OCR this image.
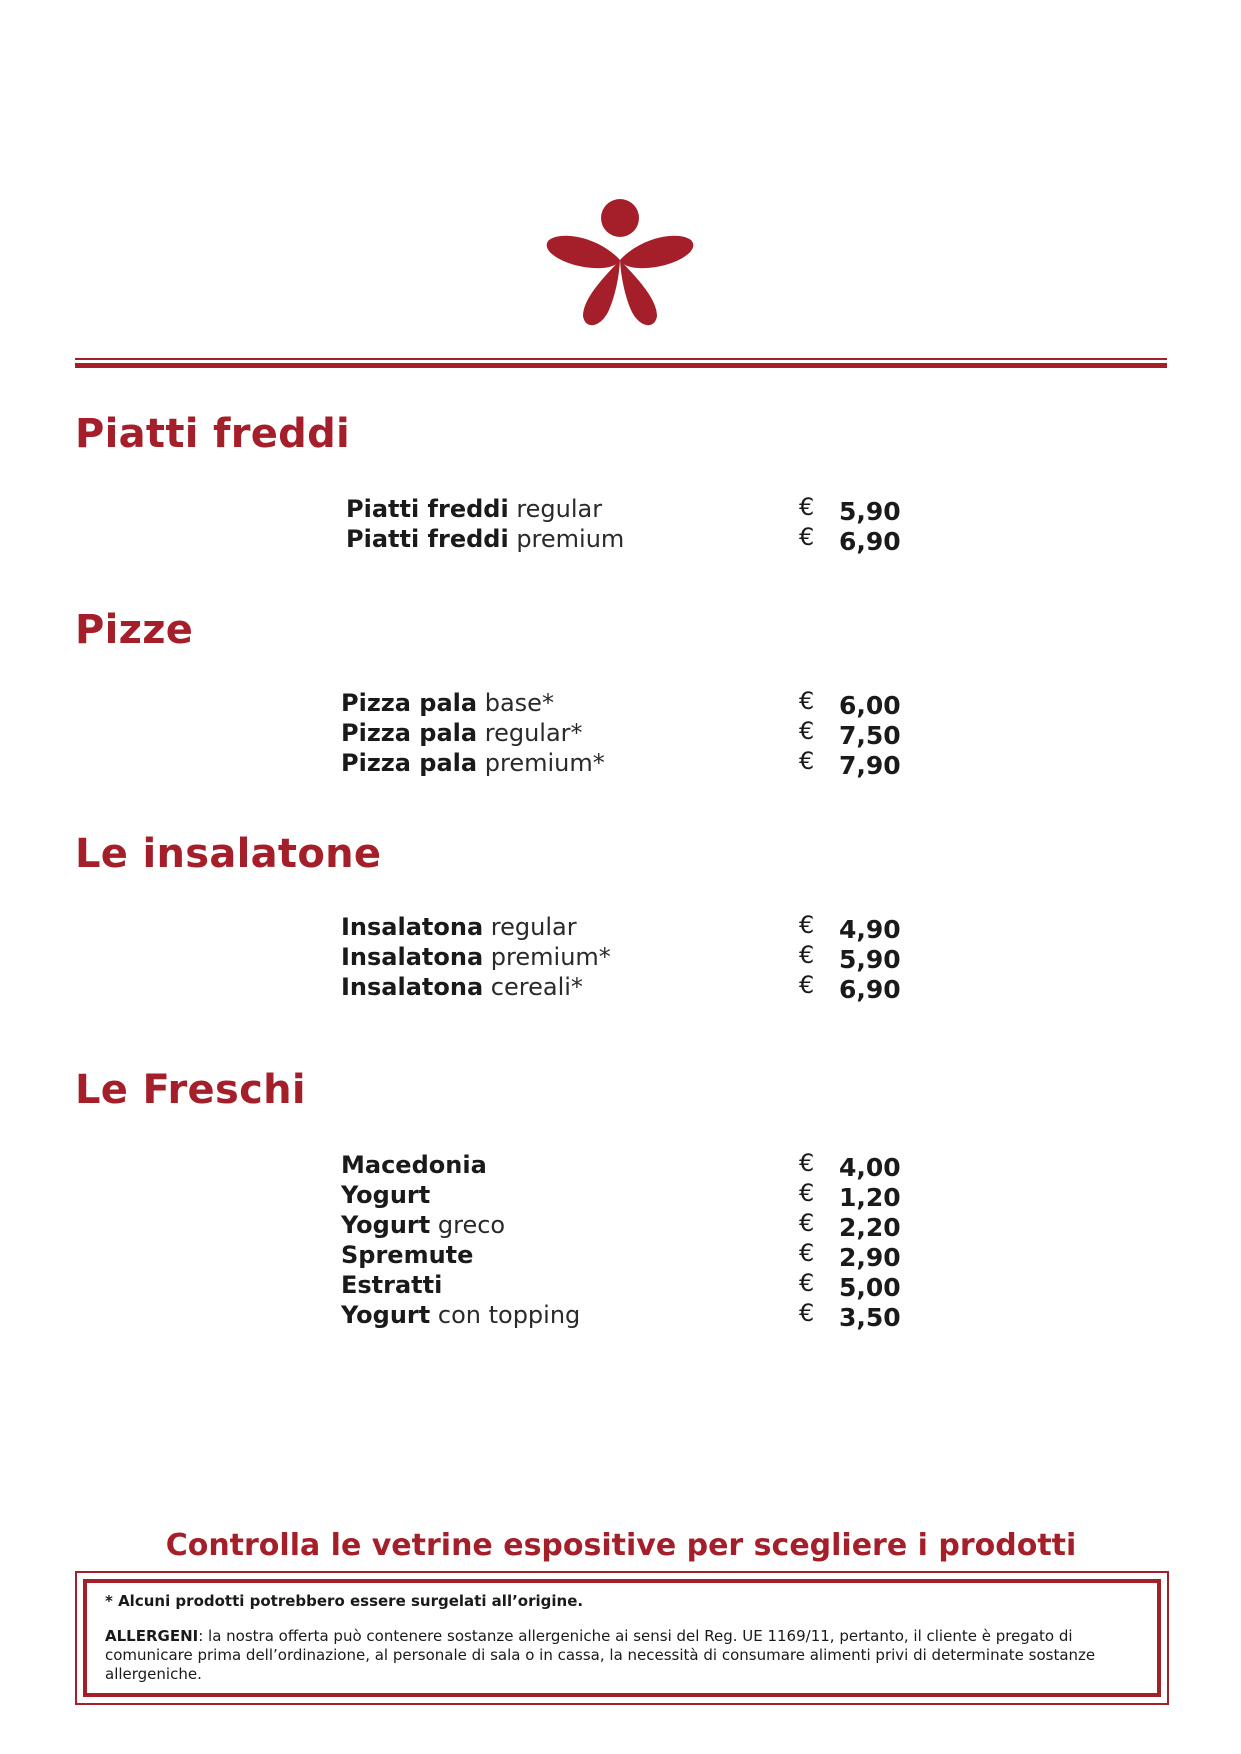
Piatti freddi
Piatti freddi regular	€ 5,90
Piatti freddi premium	€ 6,90
Pizze
Pizza pala base*	€ 6,00
Pizza pala regular*	€ 7,50
Pizza pala premium*	€ 7,90
Le insalatone
Insalatona regular	€ 4,90
Insalatona premium*	€ 5,90
Insalatona cereali*	€ 6,90
Le Freschi
Macedonia	€ 4,00
Yogurt	€ 1,20
Yogurt greco	€ 2,20
Spremute	€ 2,90
Estratti	€ 5,00
Yogurt con topping	€ 3,50
Controlla le vetrine espositive per scegliere i prodotti

* Alcuni prodotti potrebbero essere surgelati all’origine.

ALLERGENI: la nostra offerta può contenere sostanze allergeniche ai sensi del Reg. UE 1169/11, pertanto, il cliente è pregato di comunicare prima dell’ordinazione, al personale di sala o in cassa, la necessità di consumare alimenti privi di determinate sostanze allergeniche.
